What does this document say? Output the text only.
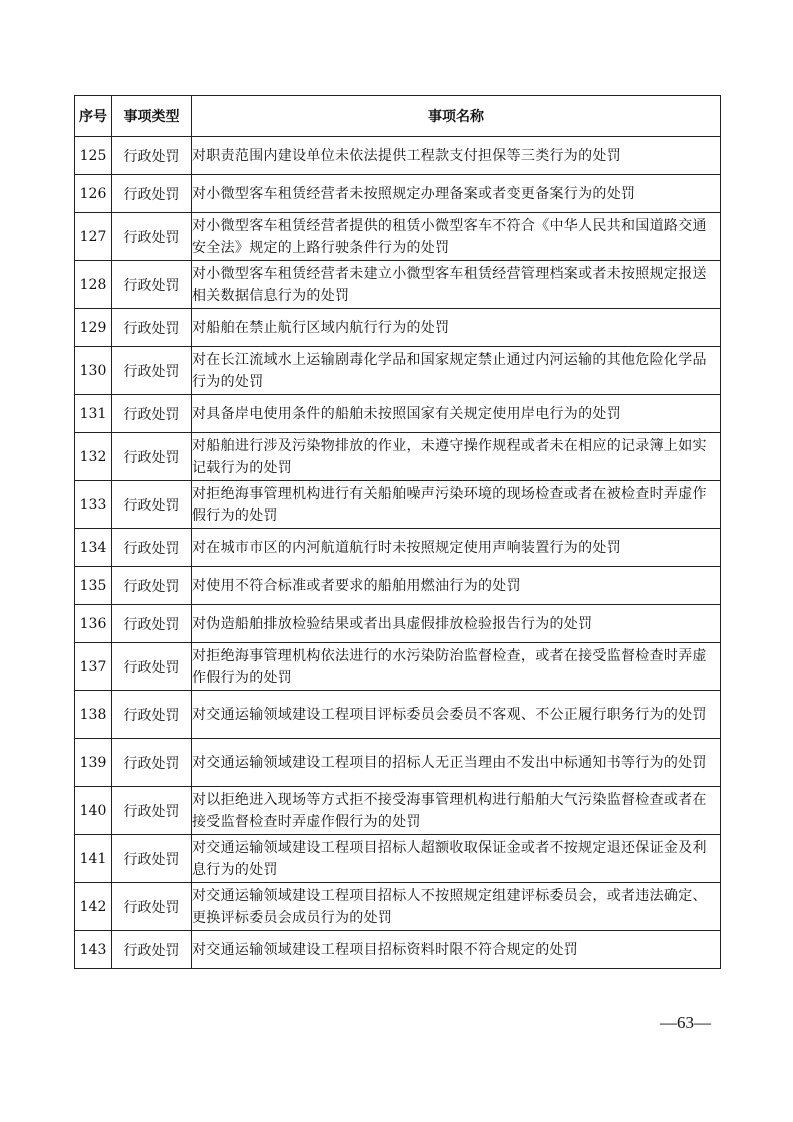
序号	事项类型	事项名称
125	行政处罚	对职责范围内建设单位未依法提供工程款支付担保等三类行为的处罚
126	行政处罚	对小微型客车租赁经营者未按照规定办理备案或者变更备案行为的处罚
127	行政处罚	对小微型客车租赁经营者提供的租赁小微型客车不符合《中华人民共和国道路交通安全法》规定的上路行驶条件行为的处罚
128	行政处罚	对小微型客车租赁经营者未建立小微型客车租赁经营管理档案或者未按照规定报送相关数据信息行为的处罚
129	行政处罚	对船舶在禁止航行区域内航行行为的处罚
130	行政处罚	对在长江流域水上运输剧毒化学品和国家规定禁止通过内河运输的其他危险化学品行为的处罚
131	行政处罚	对具备岸电使用条件的船舶未按照国家有关规定使用岸电行为的处罚
132	行政处罚	对船舶进行涉及污染物排放的作业，未遵守操作规程或者未在相应的记录簿上如实记载行为的处罚
133	行政处罚	对拒绝海事管理机构进行有关船舶噪声污染环境的现场检查或者在被检查时弄虚作假行为的处罚
134	行政处罚	对在城市市区的内河航道航行时未按照规定使用声响装置行为的处罚
135	行政处罚	对使用不符合标准或者要求的船舶用燃油行为的处罚
136	行政处罚	对伪造船舶排放检验结果或者出具虚假排放检验报告行为的处罚
137	行政处罚	对拒绝海事管理机构依法进行的水污染防治监督检查，或者在接受监督检查时弄虚作假行为的处罚
138	行政处罚	对交通运输领域建设工程项目评标委员会委员不客观、不公正履行职务行为的处罚
139	行政处罚	对交通运输领域建设工程项目的招标人无正当理由不发出中标通知书等行为的处罚
140	行政处罚	对以拒绝进入现场等方式拒不接受海事管理机构进行船舶大气污染监督检查或者在接受监督检查时弄虚作假行为的处罚
141	行政处罚	对交通运输领域建设工程项目招标人超额收取保证金或者不按规定退还保证金及利息行为的处罚
142	行政处罚	对交通运输领域建设工程项目招标人不按照规定组建评标委员会，或者违法确定、更换评标委员会成员行为的处罚
143	行政处罚	对交通运输领域建设工程项目招标资料时限不符合规定的处罚
—63—
